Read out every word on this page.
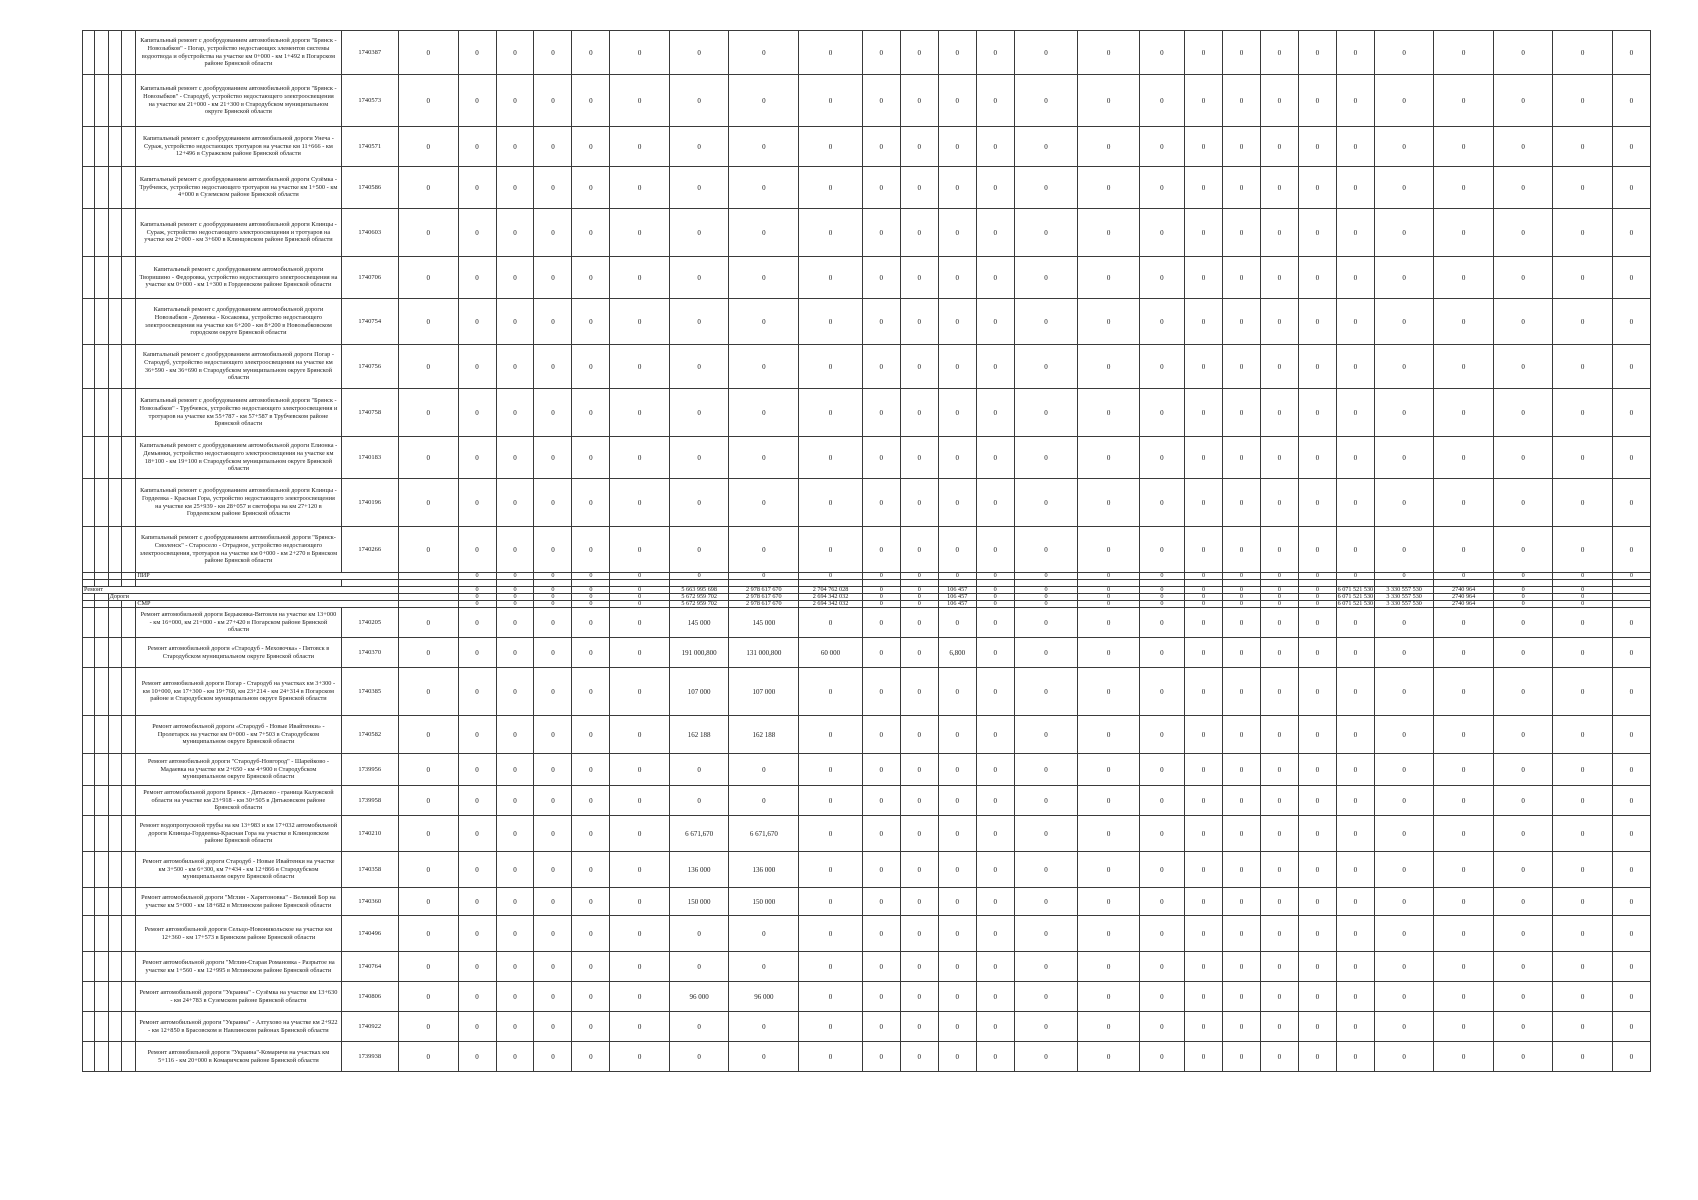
				Капитальный ремонт с дообрудованием автомобильной дороги "Брянск - Новозыбков" - Погар, устройство недостающих элементов системы водоотвода и обустройства на участке км 0+000 - км 1+492 в Погарском районе Брянской области	1740387	0	0	0	0	0	0	0	0	0	0	0	0	0	0	0	0	0	0	0	0	0	0	0	0	0	0
				Капитальный ремонт с дообрудованием автомобильной дороги "Брянск - Новозыбков" - Стародуб, устройство недостающего электроосвещения на участке км 21+000 - км 21+300 в Стародубском муниципальном округе Брянской области	1740573	0	0	0	0	0	0	0	0	0	0	0	0	0	0	0	0	0	0	0	0	0	0	0	0	0	0
				Капитальный ремонт с дообрудованием автомобильной дороги Унеча - Сураж, устройство недостающих тротуаров на участке км 11+666 - км 12+496 в Суражском районе Брянской области	1740571	0	0	0	0	0	0	0	0	0	0	0	0	0	0	0	0	0	0	0	0	0	0	0	0	0	0
				Капитальный ремонт с дообрудованием автомобильной дороги Сузёмка - Трубчевск, устройство недостающего тротуаров на участке км 1+500 - км 4+000 в Суземском районе Брянской области	1740586	0	0	0	0	0	0	0	0	0	0	0	0	0	0	0	0	0	0	0	0	0	0	0	0	0	0
				Капитальный ремонт с дообрудованием автомобильной дороги Клинцы - Сураж, устройство недостающего электроосвещения и тротуаров на участке км 2+000 - км 3+600 в Клинцовском районе Брянской области	1740603	0	0	0	0	0	0	0	0	0	0	0	0	0	0	0	0	0	0	0	0	0	0	0	0	0	0
				Капитальный ремонт с дообрудованием автомобильной дороги Творишино - Федоровка, устройство недостающего электроосвещения на участке км 0+000 - км 1+300 в Гордеевском районе Брянской области	1740706	0	0	0	0	0	0	0	0	0	0	0	0	0	0	0	0	0	0	0	0	0	0	0	0	0	0
				Капитальный ремонт с дообрудованием автомобильной дороги Новозыбков - Деменка - Косаковка, устройство недостающего электроосвещения на участке км 6+200 - км 8+200 в Новозыбковском городском округе Брянской области	1740754	0	0	0	0	0	0	0	0	0	0	0	0	0	0	0	0	0	0	0	0	0	0	0	0	0	0
				Капитальный ремонт с дообрудованием автомобильной дороги Погар - Стародуб, устройство недостающего электроосвещения на участке км 36+590 - км 36+690 в Стародубском муниципальном округе Брянской области	1740756	0	0	0	0	0	0	0	0	0	0	0	0	0	0	0	0	0	0	0	0	0	0	0	0	0	0
				Капитальный ремонт с дообрудованием автомобильной дороги "Брянск - Новозыбков" - Трубчевск, устройство недостающего электроосвещения и тротуаров на участке км 55+787 - км 57+587 в Трубчевском районе Брянской области	1740758	0	0	0	0	0	0	0	0	0	0	0	0	0	0	0	0	0	0	0	0	0	0	0	0	0	0
				Капитальный ремонт с дообрудованием автомобильной дороги Елионка - Демьянки, устройство недостающего электроосвещения на участке км 18+100 - км 19+100 в Стародубском муниципальном округе Брянской области	1740183	0	0	0	0	0	0	0	0	0	0	0	0	0	0	0	0	0	0	0	0	0	0	0	0	0	0
				Капитальный ремонт с дообрудованием автомобильной дороги Клинцы - Гордеевка - Красная Гора, устройство недостающего электроосвещения на участке км 25+939 - км 28+057 и светофора на км 27+120 в Гордеевском районе Брянской области	1740196	0	0	0	0	0	0	0	0	0	0	0	0	0	0	0	0	0	0	0	0	0	0	0	0	0	0
				Капитальный ремонт с дообрудованием автомобильной дороги "Брянск-Смоленск" - Старосело - Отрадное, устройство недостающего электроосвещения, тротуаров на участке км 0+000 - км 2+270 в Брянском районе Брянской области	1740266	0	0	0	0	0	0	0	0	0	0	0	0	0	0	0	0	0	0	0	0	0	0	0	0	0	0
				ПИР			0	0	0	0	0	0	0	0	0	0	0	0	0	0	0	0	0	0	0	0	0	0	0	0	0

Ремонт							0	0	0	0	0	5 663 995 698	2 978 617 670	2 704 762 028	0	0	106 457	0	0	0	0	0	0	0	0	6 071 521 530	3 330 557 530	2740 964	0	0	
		Дороги					0	0	0	0	0	5 672 959 702	2 978 617 670	2 694 342 032	0	0	106 457	0	0	0	0	0	0	0	0	6 071 521 530	3 330 557 530	2740 964	0	0	
				СМР			0	0	0	0	0	5 672 959 702	2 978 617 670	2 694 342 032	0	0	106 457	0	0	0	0	0	0	0	0	6 071 521 530	3 330 557 530	2740 964	0	0	
				Ремонт автомобильной дороги Бедыковка-Витовля на участке км 13+000 - км 16+000, км 21+000 - км 27+420 в Погарском районе Брянской области	1740205	0	0	0	0	0	0	145 000	145 000	0	0	0	0	0	0	0	0	0	0	0	0	0	0	0	0	0	0
				Ремонт автомобильной дороги «Стародуб - Меховочка» - Пятовск в Стародубском муниципальном округе Брянской области	1740370	0	0	0	0	0	0	191 000,800	131 000,800	60 000	0	0	6,800	0	0	0	0	0	0	0	0	0	0	0	0	0	0
				Ремонт автомобильной дороги Погар - Стародуб на участках км 3+300 - км 10+000, км 17+300 - км 19+760, км 23+214 - км 24+314 в Погарском районе и Стародубском муниципальном округе Брянской области	1740385	0	0	0	0	0	0	107 000	107 000	0	0	0	0	0	0	0	0	0	0	0	0	0	0	0	0	0	0
				Ремонт автомобильной дороги «Стародуб - Новые Ивайтенки» - Пролетарск на участке км 0+000 - км 7+503 в Стародубском муниципальном округе Брянской области	1740582	0	0	0	0	0	0	162 188	162 188	0	0	0	0	0	0	0	0	0	0	0	0	0	0	0	0	0	0
				Ремонт автомобильной дороги "Стародуб-Новгород" - Шарейково - Мадаевка на участке км 2+650 - км 4+900 в Стародубском муниципальном округе Брянской области	1739956	0	0	0	0	0	0	0	0	0	0	0	0	0	0	0	0	0	0	0	0	0	0	0	0	0	0
				Ремонт автомобильной дороги Брянск - Дятьково - граница Калужской области на участке км 23+918 - км 30+505 в Дятьковском районе Брянской области	1739958	0	0	0	0	0	0	0	0	0	0	0	0	0	0	0	0	0	0	0	0	0	0	0	0	0	0
				Ремонт водопропускной трубы на км 13+983 и км 17+032 автомобильной дороги Клинцы-Гордеевка-Красная Гора на участке в Клинцовском районе Брянской области	1740210	0	0	0	0	0	0	6 671,670	6 671,670	0	0	0	0	0	0	0	0	0	0	0	0	0	0	0	0	0	0
				Ремонт автомобильной дороги Стародуб - Новые Ивайтенки на участке км 3+500 - км 6+300, км 7+434 - км 12+866 в Стародубском муниципальном округе Брянской области	1740358	0	0	0	0	0	0	136 000	136 000	0	0	0	0	0	0	0	0	0	0	0	0	0	0	0	0	0	0
				Ремонт автомобильной дороги "Мглин - Харитоновка" - Великий Бор на участке км 5+000 - км 18+682 в Мглинском районе Брянской области	1740360	0	0	0	0	0	0	150 000	150 000	0	0	0	0	0	0	0	0	0	0	0	0	0	0	0	0	0	0
				Ремонт автомобильной дороги Сельцо-Новоникольское на участке км 12+360 - км 17+573 в Брянском районе Брянской области	1740496	0	0	0	0	0	0	0	0	0	0	0	0	0	0	0	0	0	0	0	0	0	0	0	0	0	0
				Ремонт автомобильной дороги "Мглин-Старая Романовка - Разрытое на участке км 1+560 - км 12+995 в Мглинском районе Брянской области	1740764	0	0	0	0	0	0	0	0	0	0	0	0	0	0	0	0	0	0	0	0	0	0	0	0	0	0
				Ремонт автомобильной дороги "Украина" - Сузёмка на участке км 13+630 - км 24+783 в Суземском районе Брянской области	1740806	0	0	0	0	0	0	96 000	96 000	0	0	0	0	0	0	0	0	0	0	0	0	0	0	0	0	0	0
				Ремонт автомобильной дороги "Украина" - Алтухово на участке км 2+922 - км 12+850 в Брасовском и Навлинском районах Брянской области	1740922	0	0	0	0	0	0	0	0	0	0	0	0	0	0	0	0	0	0	0	0	0	0	0	0	0	0
				Ремонт автомобильной дороги "Украина"-Комаричи на участках км 5+116 - км 20+000 в Комаричском районе Брянской области	1739938	0	0	0	0	0	0	0	0	0	0	0	0	0	0	0	0	0	0	0	0	0	0	0	0	0	0
